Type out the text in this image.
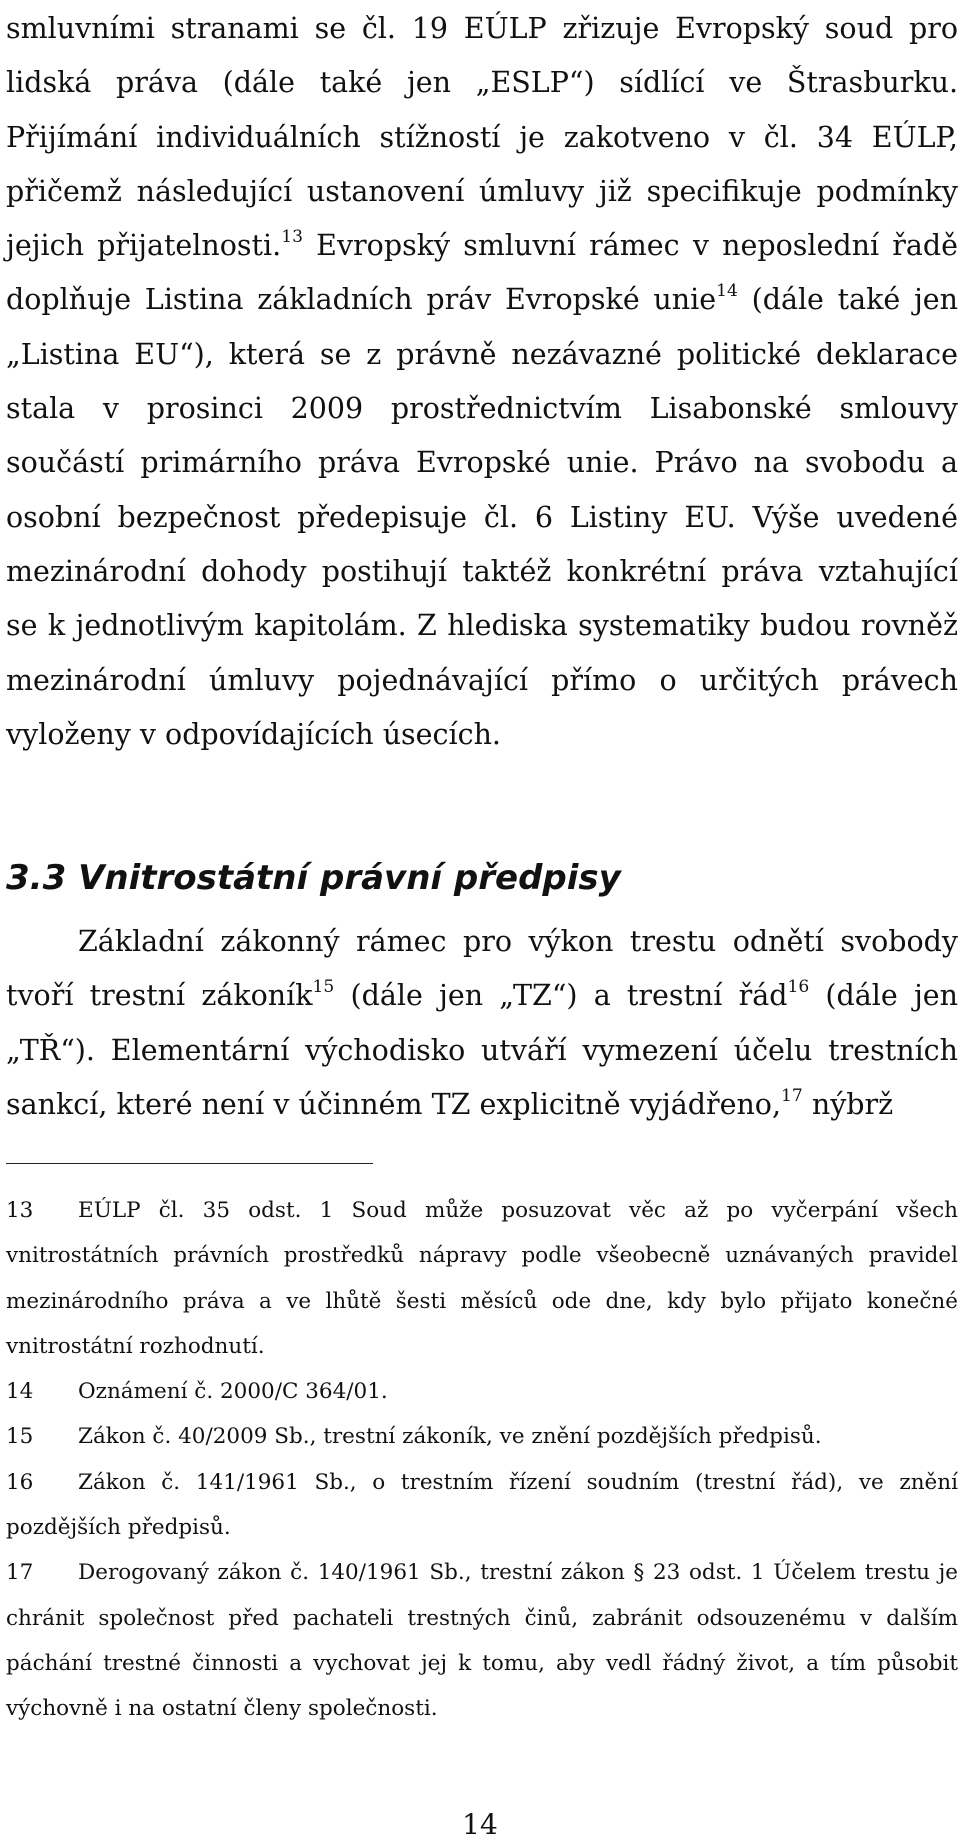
smluvními stranami se čl. 19 EÚLP zřizuje Evropský soud pro lidská práva (dále také jen „ESLP“) sídlící ve Štrasburku. Přijímání individuálních stížností je zakotveno v čl. 34 EÚLP, přičemž následující ustanovení úmluvy již specifikuje podmínky jejich přijatelnosti.$^{13}$ Evropský smluvní rámec v neposlední řadě doplňuje Listina základních práv Evropské unie$^{14}$ (dále také jen „Listina EU“), která se z právně nezávazné politické deklarace stala v prosinci 2009 prostřednictvím Lisabonské smlouvy součástí primárního práva Evropské unie. Právo na svobodu a osobní bezpečnost předepisuje čl. 6 Listiny EU. Výše uvedené mezinárodní dohody postihují taktéž konkrétní práva vztahující se k jednotlivým kapitolám. Z hlediska systematiky budou rovněž mezinárodní úmluvy pojednávající přímo o určitých právech vyloženy v odpovídajících úsecích.

3.3 Vnitrostátní právní předpisy

Základní zákonný rámec pro výkon trestu odnětí svobody tvoří trestní zákoník$^{15}$ (dále jen „TZ“) a trestní řád$^{16}$ (dále jen „TŘ“). Elementární východisko utváří vymezení účelu trestních sankcí, které není v účinném TZ explicitně vyjádřeno,$^{17}$ nýbrž

13 EÚLP čl. 35 odst. 1 Soud může posuzovat věc až po vyčerpání všech vnitrostátních právních prostředků nápravy podle všeobecně uznávaných pravidel mezinárodního práva a ve lhůtě šesti měsíců ode dne, kdy bylo přijato konečné vnitrostátní rozhodnutí.

14 Oznámení č. 2000/C 364/01.

15 Zákon č. 40/2009 Sb., trestní zákoník, ve znění pozdějších předpisů.

16 Zákon č. 141/1961 Sb., o trestním řízení soudním (trestní řád), ve znění pozdějších předpisů.

17 Derogovaný zákon č. 140/1961 Sb., trestní zákon § 23 odst. 1 Účelem trestu je chránit společnost před pachateli trestných činů, zabránit odsouzenému v dalším páchání trestné činnosti a vychovat jej k tomu, aby vedl řádný život, a tím působit výchovně i na ostatní členy společnosti.

14
